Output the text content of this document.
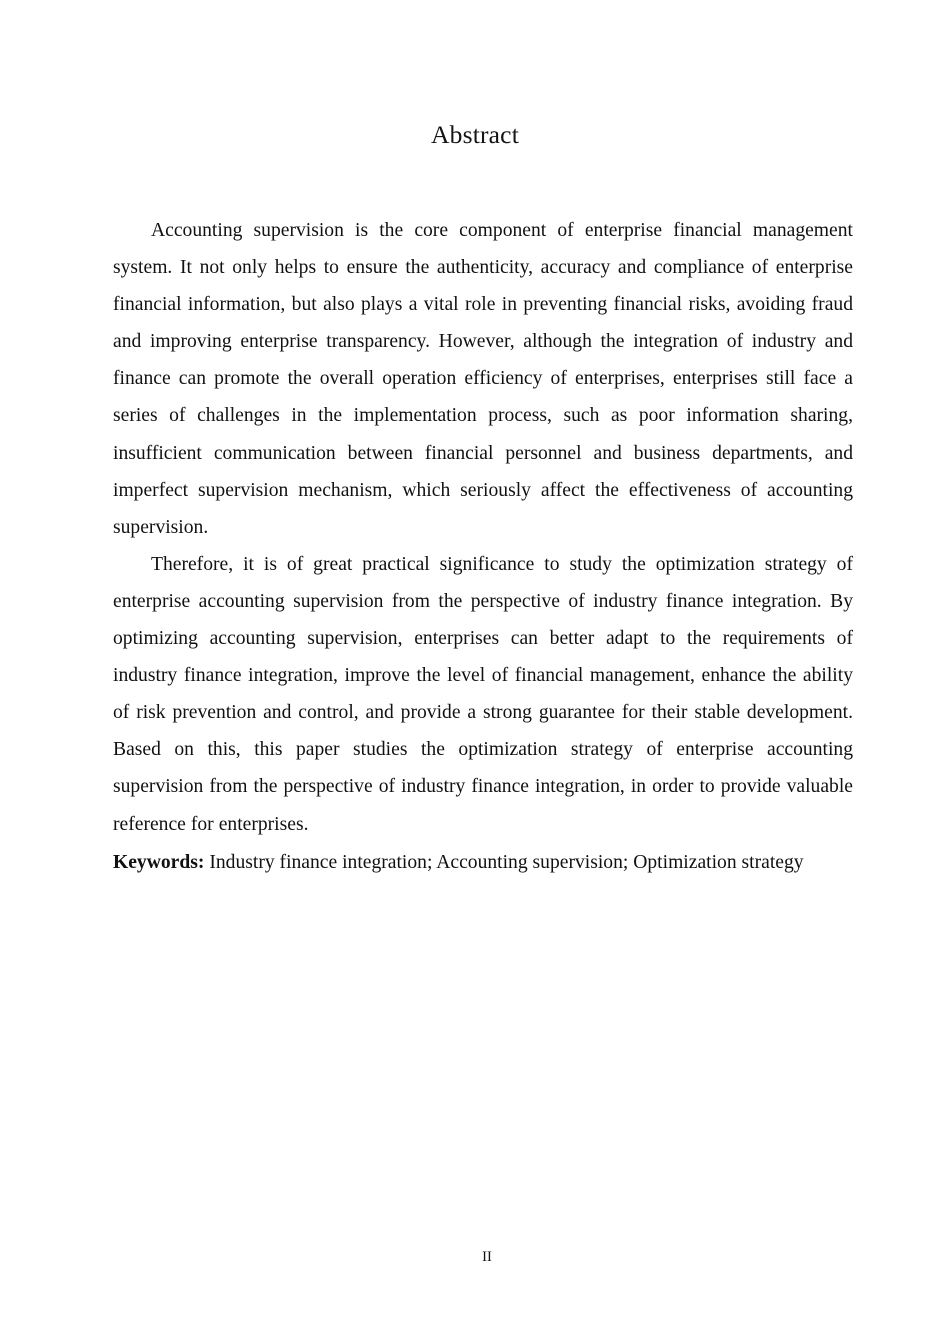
Abstract

Accounting supervision is the core component of enterprise financial management system. It not only helps to ensure the authenticity, accuracy and compliance of enterprise financial information, but also plays a vital role in preventing financial risks, avoiding fraud and improving enterprise transparency. However, although the integration of industry and finance can promote the overall operation efficiency of enterprises, enterprises still face a series of challenges in the implementation process, such as poor information sharing, insufficient communication between financial personnel and business departments, and imperfect supervision mechanism, which seriously affect the effectiveness of accounting supervision.

Therefore, it is of great practical significance to study the optimization strategy of enterprise accounting supervision from the perspective of industry finance integration. By optimizing accounting supervision, enterprises can better adapt to the requirements of industry finance integration, improve the level of financial management, enhance the ability of risk prevention and control, and provide a strong guarantee for their stable development. Based on this, this paper studies the optimization strategy of enterprise accounting supervision from the perspective of industry finance integration, in order to provide valuable reference for enterprises.

Keywords: Industry finance integration; Accounting supervision; Optimization strategy
II
